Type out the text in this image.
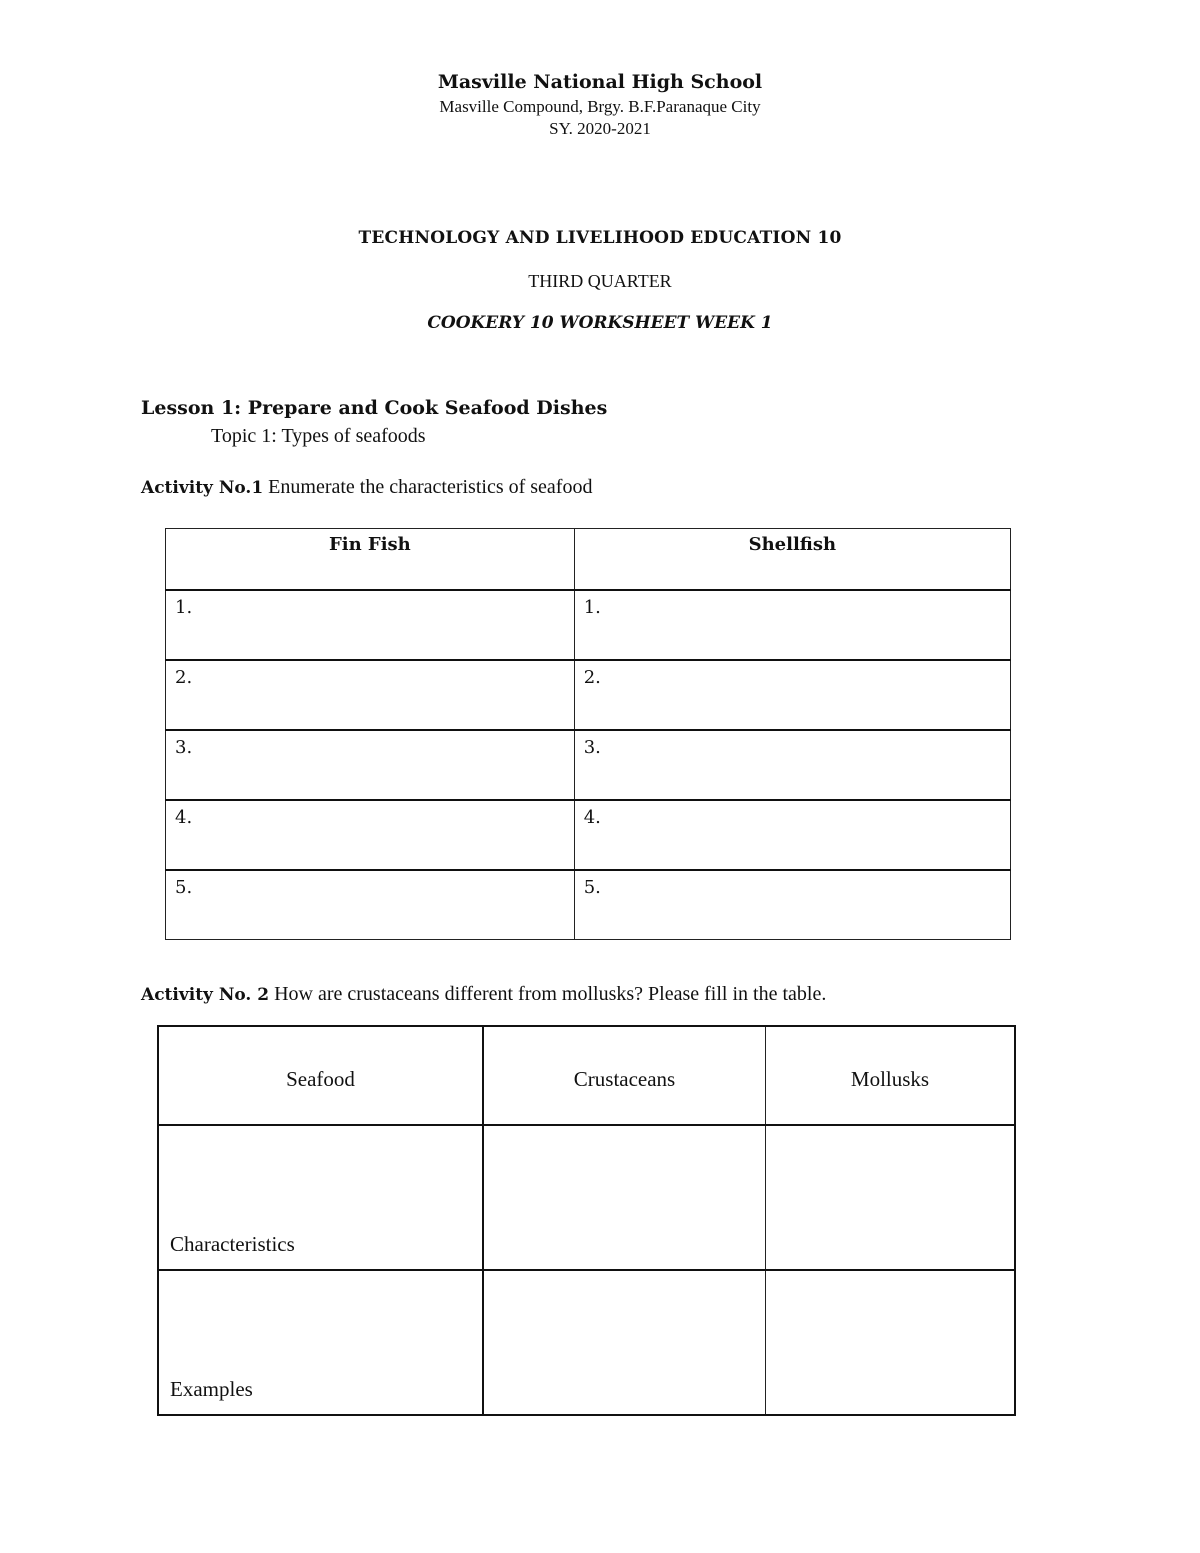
Masville National High School
Masville Compound, Brgy. B.F.Paranaque City
SY. 2020-2021
TECHNOLOGY AND LIVELIHOOD EDUCATION 10
THIRD QUARTER
COOKERY 10 WORKSHEET WEEK 1
Lesson 1: Prepare and Cook Seafood Dishes
Topic 1: Types of seafoods
Activity No.1 Enumerate the characteristics of seafood
Fin Fish	Shellfish
1.	1.
2.	2.
3.	3.
4.	4.
5.	5.
Activity No. 2 How are crustaceans different from mollusks? Please fill in the table.
Seafood	Crustaceans	Mollusks
Characteristics		
Examples		
